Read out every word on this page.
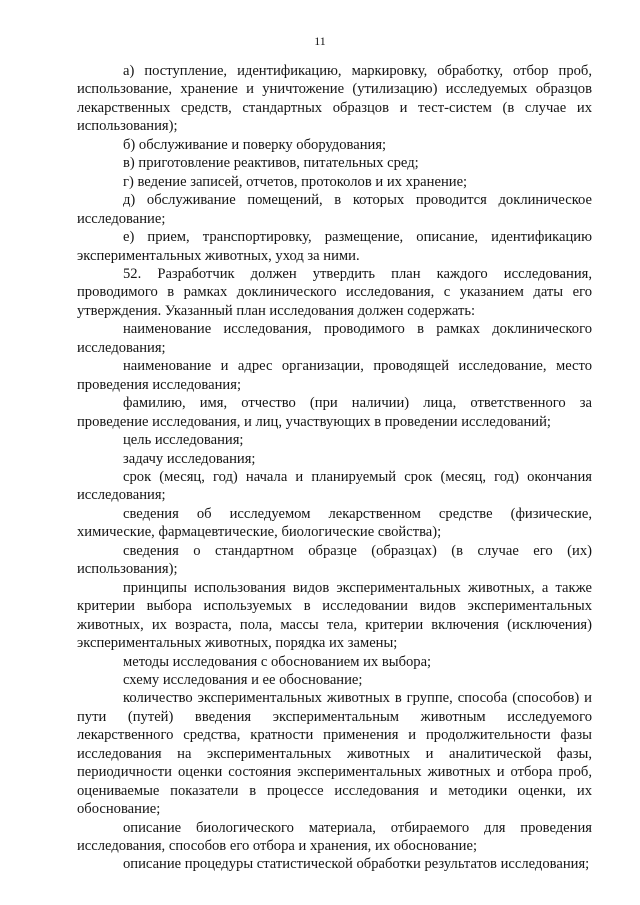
11

а) поступление, идентификацию, маркировку, обработку, отбор проб, использование, хранение и уничтожение (утилизацию) исследуемых образцов лекарственных средств, стандартных образцов и тест-систем (в случае их использования);

б) обслуживание и поверку оборудования;

в) приготовление реактивов, питательных сред;

г) ведение записей, отчетов, протоколов и их хранение;

д) обслуживание помещений, в которых проводится доклиническое исследование;

е) прием, транспортировку, размещение, описание, идентификацию экспериментальных животных, уход за ними.

52. Разработчик должен утвердить план каждого исследования, проводимого в рамках доклинического исследования, с указанием даты его утверждения. Указанный план исследования должен содержать:

наименование исследования, проводимого в рамках доклинического исследования;

наименование и адрес организации, проводящей исследование, место проведения исследования;

фамилию, имя, отчество (при наличии) лица, ответственного за проведение исследования, и лиц, участвующих в проведении исследований;

цель исследования;

задачу исследования;

срок (месяц, год) начала и планируемый срок (месяц, год) окончания исследования;

сведения об исследуемом лекарственном средстве (физические, химические, фармацевтические, биологические свойства);

сведения о стандартном образце (образцах) (в случае его (их) использования);

принципы использования видов экспериментальных животных, а также критерии выбора используемых в исследовании видов экспериментальных животных, их возраста, пола, массы тела, критерии включения (исключения) экспериментальных животных, порядка их замены;

методы исследования с обоснованием их выбора;

схему исследования и ее обоснование;

количество экспериментальных животных в группе, способа (способов) и пути (путей) введения экспериментальным животным исследуемого лекарственного средства, кратности применения и продолжительности фазы исследования на экспериментальных животных и аналитической фазы, периодичности оценки состояния экспериментальных животных и отбора проб, оцениваемые показатели в процессе исследования и методики оценки, их обоснование;

описание биологического материала, отбираемого для проведения исследования, способов его отбора и хранения, их обоснование;

описание процедуры статистической обработки результатов исследования;
